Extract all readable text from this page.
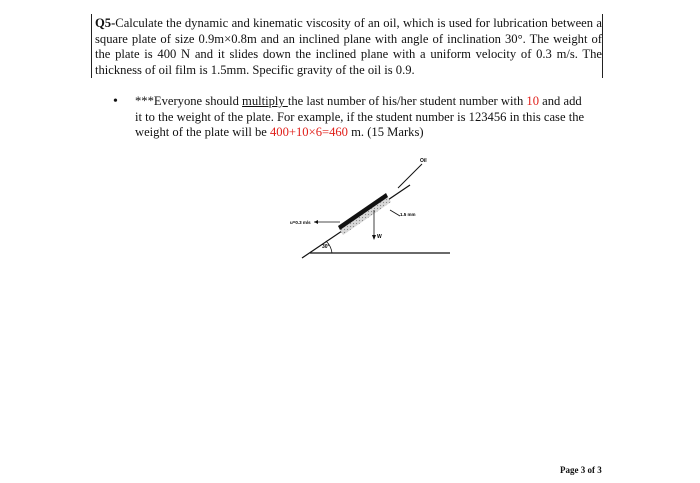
Q5-Calculate the dynamic and kinematic viscosity of an oil, which is used for lubrication between a square plate of size 0.9m×0.8m and an inclined plane with angle of inclination 30°. The weight of the plate is 400 N and it slides down the inclined plane with a uniform velocity of 0.3 m/s. The thickness of oil film is 1.5mm. Specific gravity of the oil is 0.9.
• ***Everyone should multiply the last number of his/her student number with 10 and add it to the weight of the plate. For example, if the student number is 123456 in this case the weight of the plate will be 400+10×6=460 m. (15 Marks)
Oil
1.5 mm
u=0.3 m/s
W
30°
Page 3 of 3
